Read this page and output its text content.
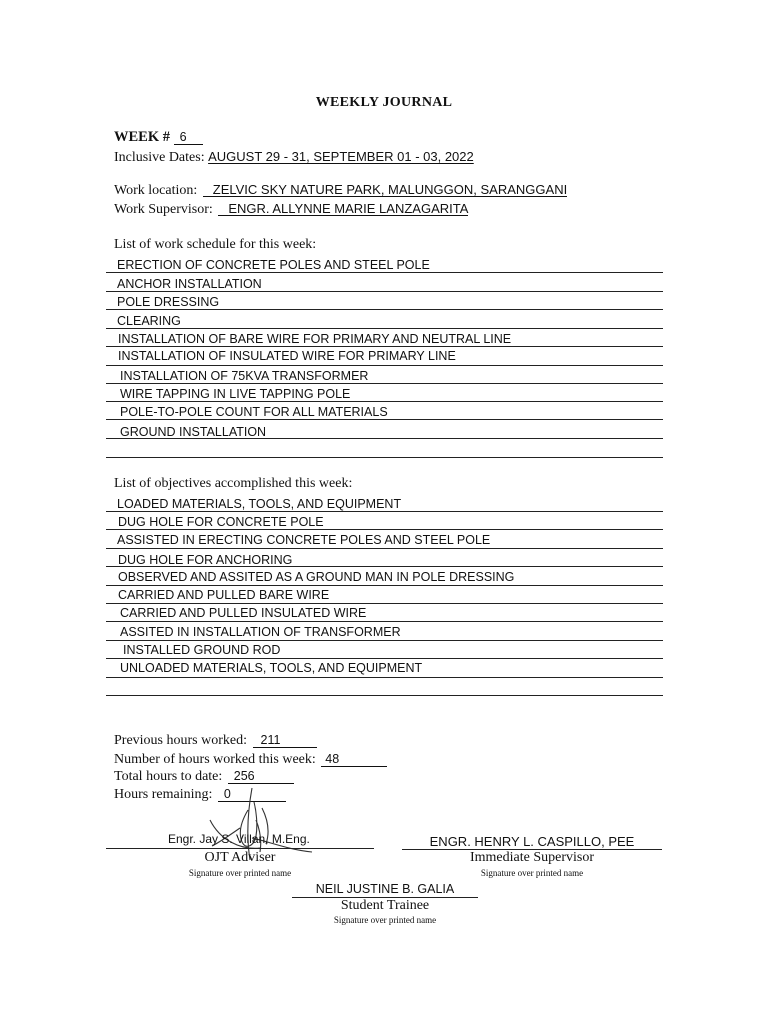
WEEKLY JOURNAL
WEEK # 6
Inclusive Dates: AUGUST 29 - 31, SEPTEMBER 01 - 03, 2022
Work location: ZELVIC SKY NATURE PARK, MALUNGGON, SARANGGANI
Work Supervisor: ENGR. ALLYNNE MARIE LANZAGARITA
List of work schedule for this week:
ERECTION OF CONCRETE POLES AND STEEL POLE
ANCHOR INSTALLATION
POLE DRESSING
CLEARING
INSTALLATION OF BARE WIRE FOR PRIMARY AND NEUTRAL LINE
INSTALLATION OF INSULATED WIRE FOR PRIMARY LINE
INSTALLATION OF 75KVA TRANSFORMER
WIRE TAPPING IN LIVE TAPPING POLE
POLE-TO-POLE COUNT FOR ALL MATERIALS
GROUND INSTALLATION
List of objectives accomplished this week:
LOADED MATERIALS, TOOLS, AND EQUIPMENT
DUG HOLE FOR CONCRETE POLE
ASSISTED IN ERECTING CONCRETE POLES AND STEEL POLE
DUG HOLE FOR ANCHORING
OBSERVED AND ASSITED AS A GROUND MAN IN POLE DRESSING
CARRIED AND PULLED BARE WIRE
CARRIED AND PULLED INSULATED WIRE
ASSITED IN INSTALLATION OF TRANSFORMER
INSTALLED GROUND ROD
UNLOADED MATERIALS, TOOLS, AND EQUIPMENT
Previous hours worked: 211
Number of hours worked this week: 48
Total hours to date: 256
Hours remaining: 0
Engr. Jay S. Villan, M.Eng.
OJT Adviser
Signature over printed name
ENGR. HENRY L. CASPILLO, PEE
Immediate Supervisor
Signature over printed name
NEIL JUSTINE B. GALIA
Student Trainee
Signature over printed name
